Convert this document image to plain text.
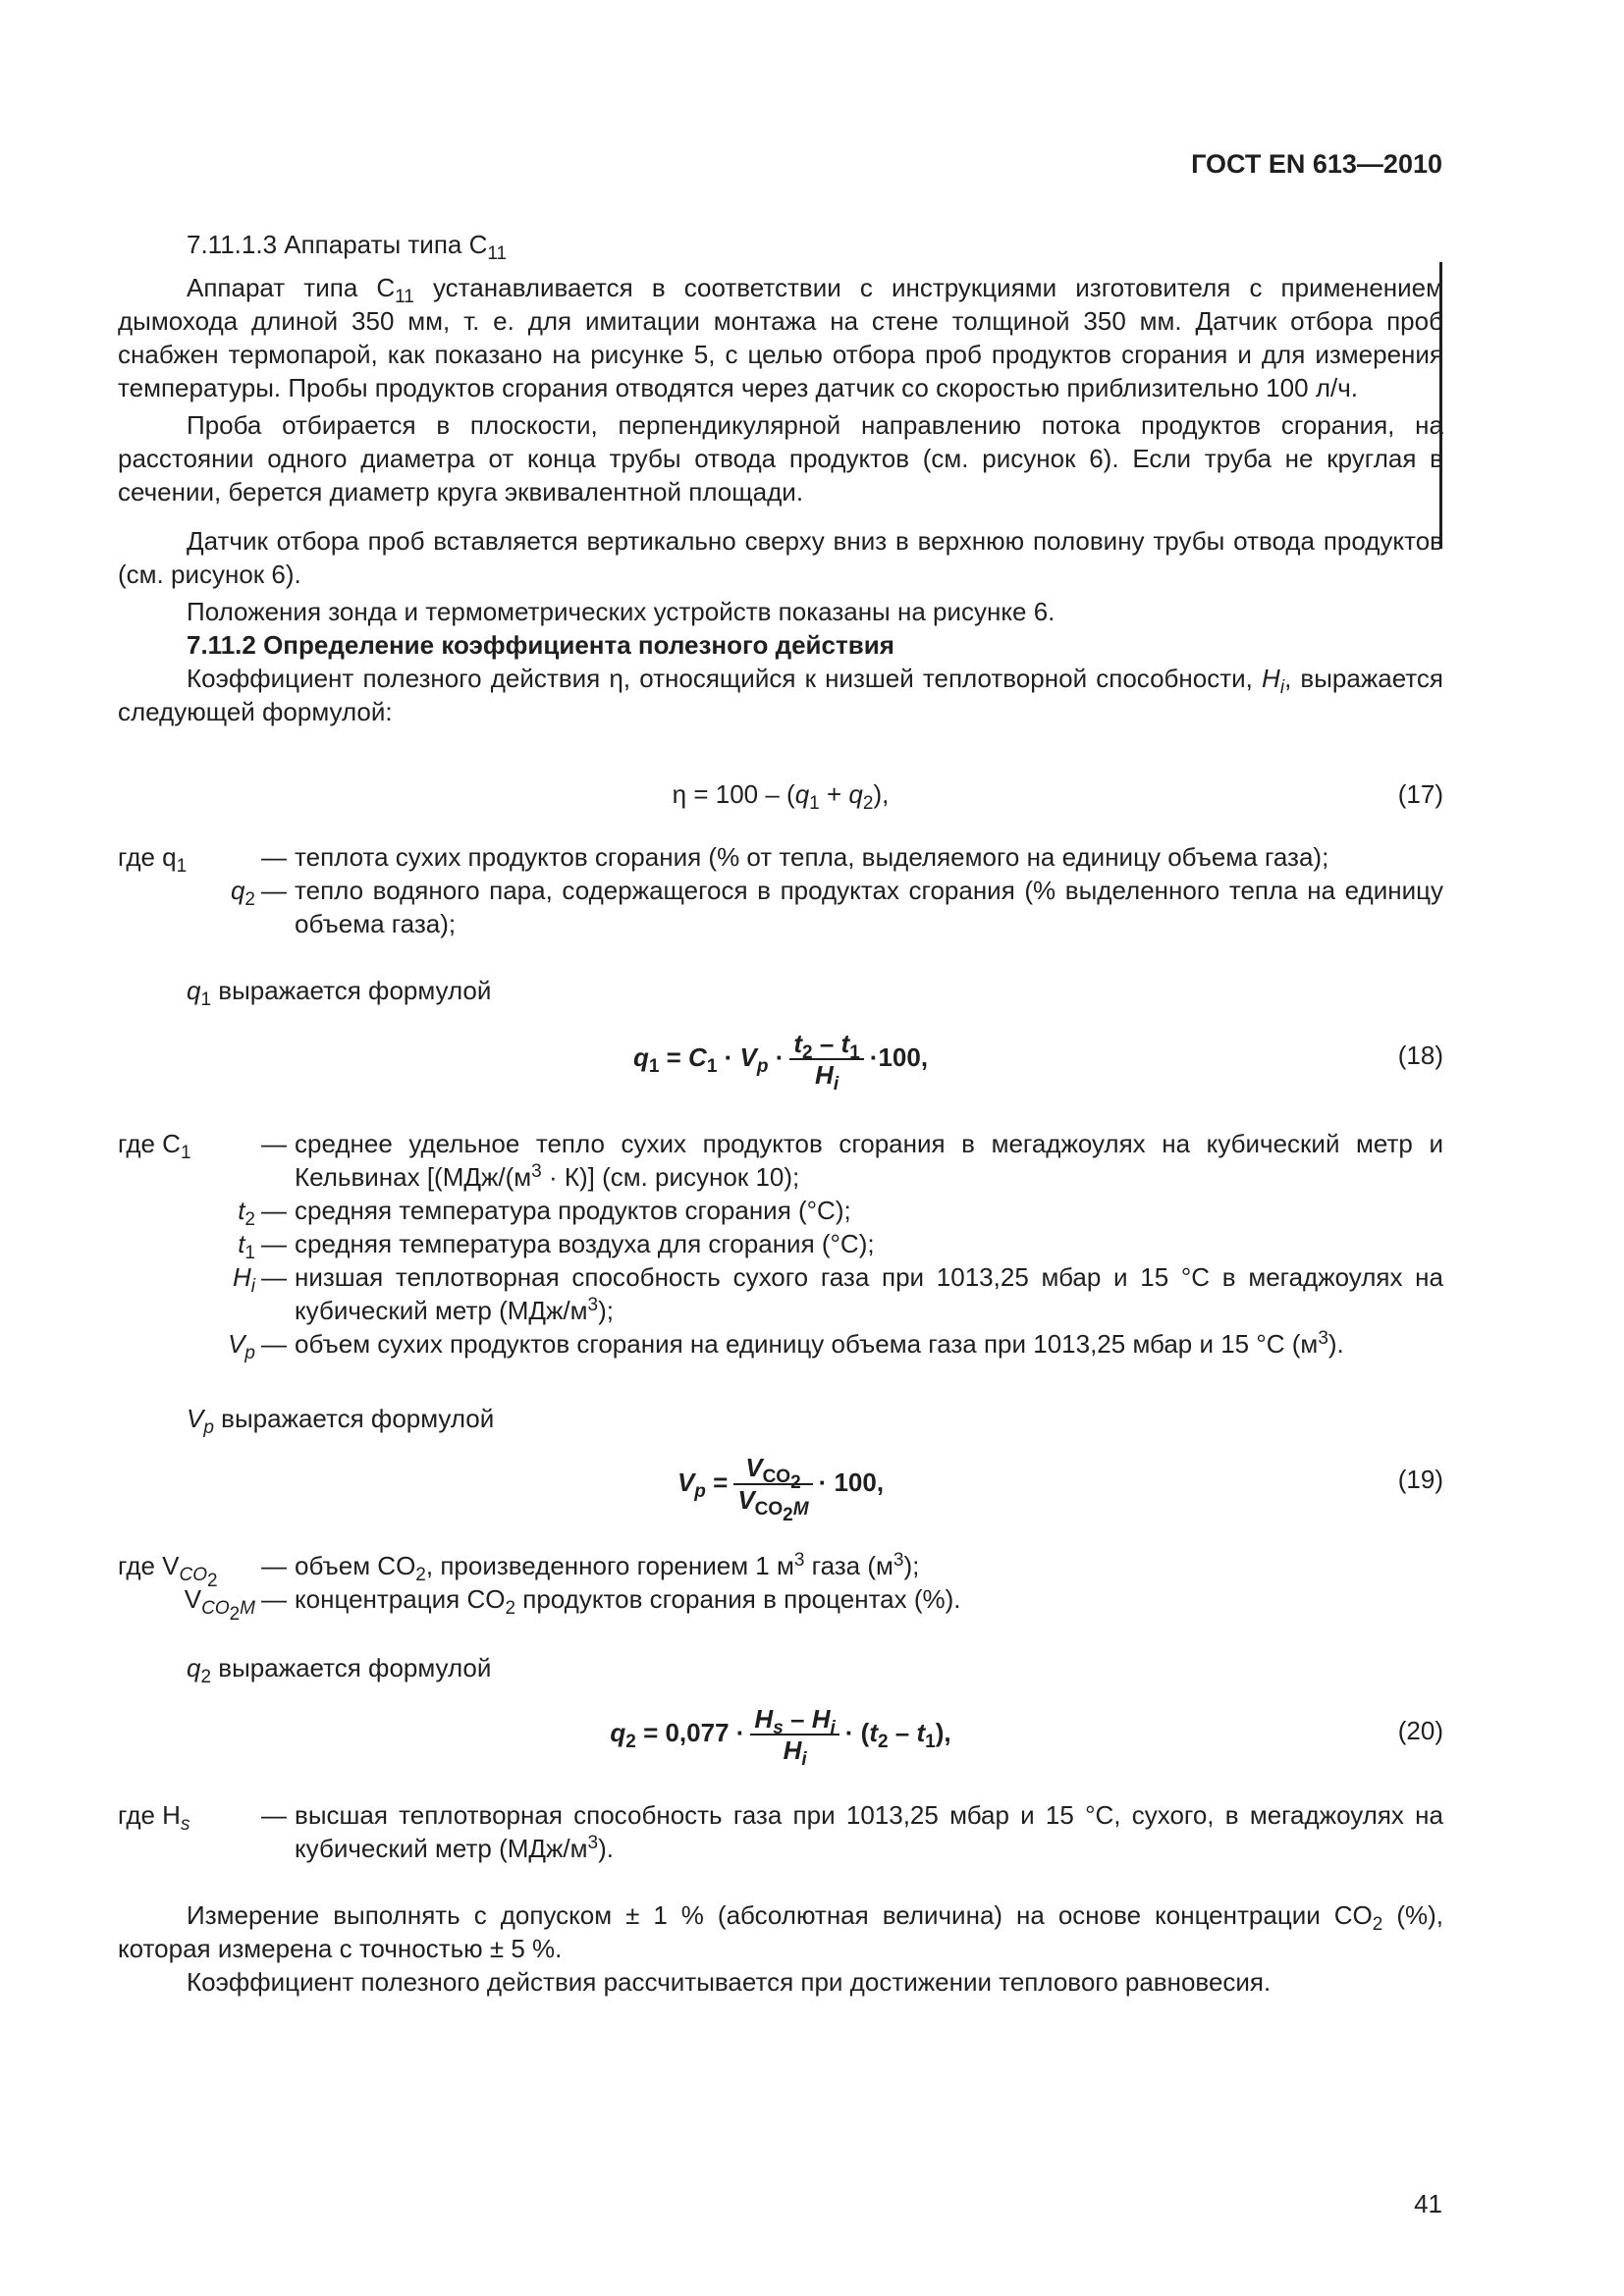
ГОСТ EN 613—2010

7.11.1.3 Аппараты типа $C_{11}$

Аппарат типа $C_{11}$ устанавливается в соответствии с инструкциями изготовителя с применением дымохода длиной 350 мм, т. е. для имитации монтажа на стене толщиной 350 мм. Датчик отбора проб снабжен термопарой, как показано на рисунке 5, с целью отбора проб продуктов сгорания и для измерения температуры. Пробы продуктов сгорания отводятся через датчик со скоростью приблизительно 100 л/ч.

Проба отбирается в плоскости, перпендикулярной направлению потока продуктов сгорания, на расстоянии одного диаметра от конца трубы отвода продуктов (см. рисунок 6). Если труба не круглая в сечении, берется диаметр круга эквивалентной площади.

Датчик отбора проб вставляется вертикально сверху вниз в верхнюю половину трубы отвода продуктов (см. рисунок 6).

Положения зонда и термометрических устройств показаны на рисунке 6.

7.11.2 Определение коэффициента полезного действия

Коэффициент полезного действия η, относящийся к низшей теплотворной способности, $H_i$, выражается следующей формулой:

$\eta = 100 - (q_1 + q_2)$,	(17)
где $q_1$	— теплота сухих продуктов сгорания (% от тепла, выделяемого на единицу объема газа);
$q_2$ — тепло водяного пара, содержащегося в продуктах сгорания (% выделенного тепла на единицу объема газа);

$q_1$ выражается формулой

$q_1 = C_1 \cdot V_p \cdot \frac{t_2 - t_1}{H_i} \cdot 100$,	(18)
где $C_1$	— среднее удельное тепло сухих продуктов сгорания в мегаджоулях на кубический метр и Кельвинах [$(МДж/(м^3 \cdot К)]$ (см. рисунок 10);
$t_2$ — средняя температура продуктов сгорания (°C);
$t_1$ — средняя температура воздуха для сгорания (°C);
$H_i$ — низшая теплотворная способность сухого газа при 1013,25 мбар и 15 °C в мегаджоулях на кубический метр $(МДж/м^3)$;
$V_p$ — объем сухих продуктов сгорания на единицу объема газа при 1013,25 мбар и 15 °C $(м^3)$.

$V_p$ выражается формулой

$V_p = \frac{V_{CO_2}}{V_{CO_2M}} \cdot 100$,	(19)
где $V_{CO_2}$
— объем $CO_2$, произведенного горением 1 $м^3$ газа $(м^3)$;
$V_{CO_2M}$ — концентрация $CO_2$ продуктов сгорания в процентах (%).

$q_2$ выражается формулой

$q_2 = 0,077 \cdot \frac{H_s - H_i}{H_i} \cdot (t_2 - t_1)$,	(20)
где $H_s$	— высшая теплотворная способность газа при 1013,25 мбар и 15 °C, сухого, в мегаджоулях на кубический метр $(МДж/м^3)$.

Измерение выполнять с допуском ± 1 % (абсолютная величина) на основе концентрации $CO_2$ (%), которая измерена с точностью ± 5 %.

Коэффициент полезного действия рассчитывается при достижении теплового равновесия.

41
